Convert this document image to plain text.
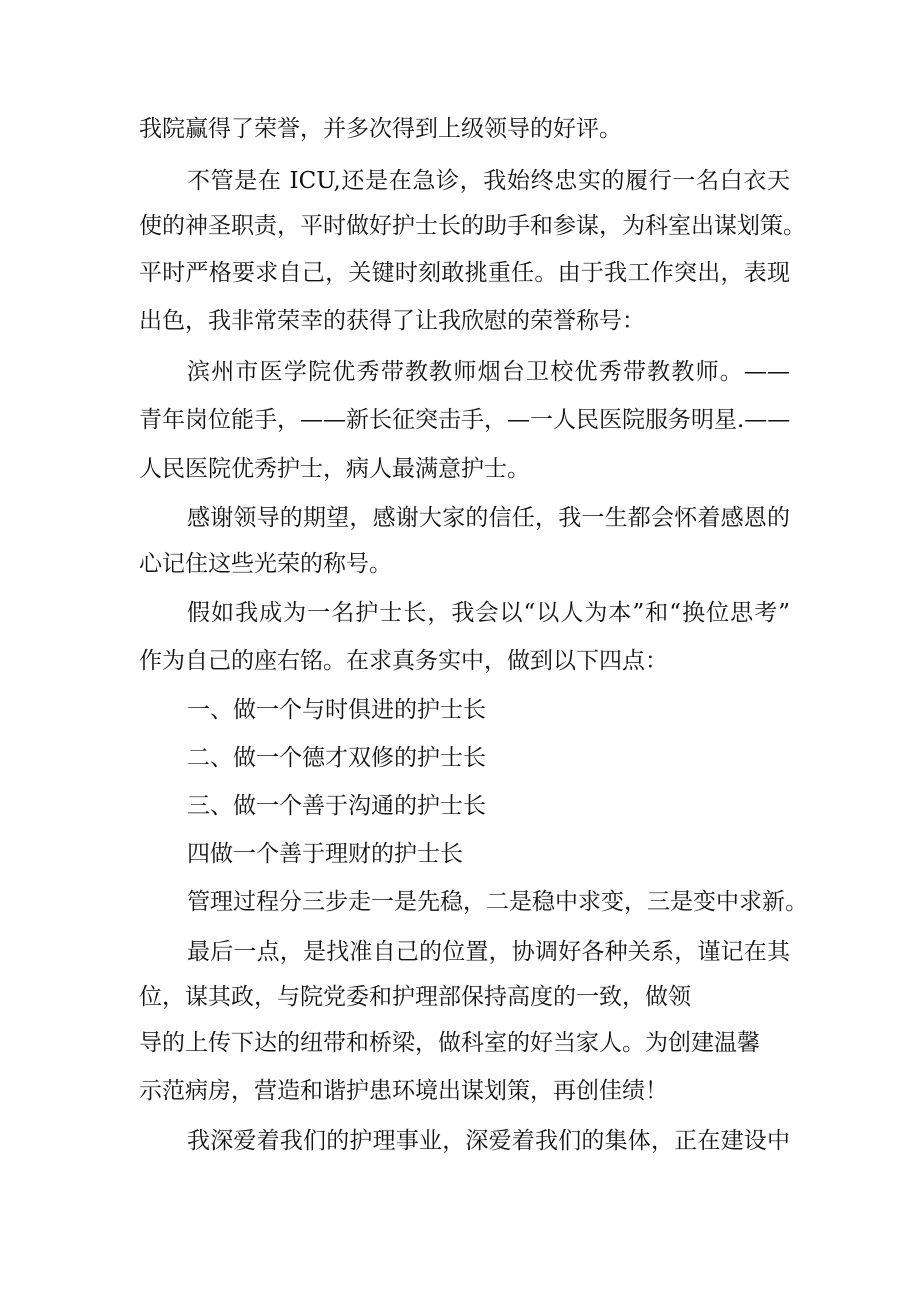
我院赢得了荣誉，并多次得到上级领导的好评。
不管是在 ICU,还是在急诊，我始终忠实的履行一名白衣天
使的神圣职责，平时做好护士长的助手和参谋，为科室出谋划策。
平时严格要求自己，关键时刻敢挑重任。由于我工作突出，表现
出色，我非常荣幸的获得了让我欣慰的荣誉称号：
滨州市医学院优秀带教教师烟台卫校优秀带教教师。——
青年岗位能手，——新长征突击手，—一人民医院服务明星.——
人民医院优秀护士，病人最满意护士。
感谢领导的期望，感谢大家的信任，我一生都会怀着感恩的
心记住这些光荣的称号。
假如我成为一名护士长，我会以“以人为本”和“换位思考”
作为自己的座右铭。在求真务实中，做到以下四点：
一、做一个与时俱进的护士长
二、做一个德才双修的护士长
三、做一个善于沟通的护士长
四做一个善于理财的护士长
管理过程分三步走一是先稳，二是稳中求变，三是变中求新。
最后一点，是找准自己的位置，协调好各种关系，谨记在其
位，谋其政，与院党委和护理部保持高度的一致，做领
导的上传下达的纽带和桥梁，做科室的好当家人。为创建温馨
示范病房，营造和谐护患环境出谋划策，再创佳绩！
我深爱着我们的护理事业，深爱着我们的集体，正在建设中
